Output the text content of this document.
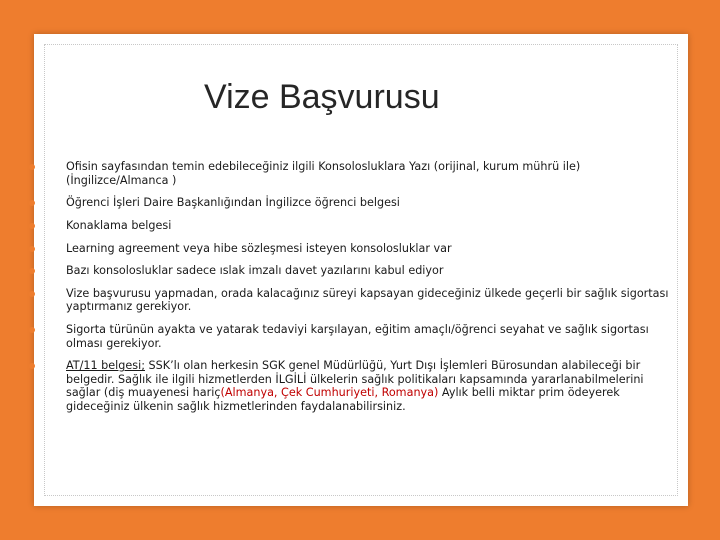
Vize Başvurusu
Ofisin sayfasından temin edebileceğiniz ilgili Konsolosluklara Yazı (orijinal, kurum mührü ile)(İngilizce/Almanca )
Öğrenci İşleri Daire Başkanlığından İngilizce öğrenci belgesi
Konaklama belgesi
Learning agreement veya hibe sözleşmesi isteyen konsolosluklar var
Bazı konsolosluklar sadece ıslak imzalı davet yazılarını kabul ediyor
Vize başvurusu yapmadan, orada kalacağınız süreyi kapsayan gideceğiniz ülkede geçerli bir sağlık sigortası yaptırmanız gerekiyor.
Sigorta türünün ayakta ve yatarak tedaviyi karşılayan, eğitim amaçlı/öğrenci seyahat ve sağlık sigortası olması gerekiyor.
AT/11 belgesi; SSK’lı olan herkesin SGK genel Müdürlüğü, Yurt Dışı İşlemleri Bürosundan alabileceği bir belgedir. Sağlık ile ilgili hizmetlerden İLGİLİ ülkelerin sağlık politikaları kapsamında yararlanabilmelerini sağlar (diş muayenesi hariç(Almanya, Çek Cumhuriyeti, Romanya) Aylık belli miktar prim ödeyerek gideceğiniz ülkenin sağlık hizmetlerinden faydalanabilirsiniz.
